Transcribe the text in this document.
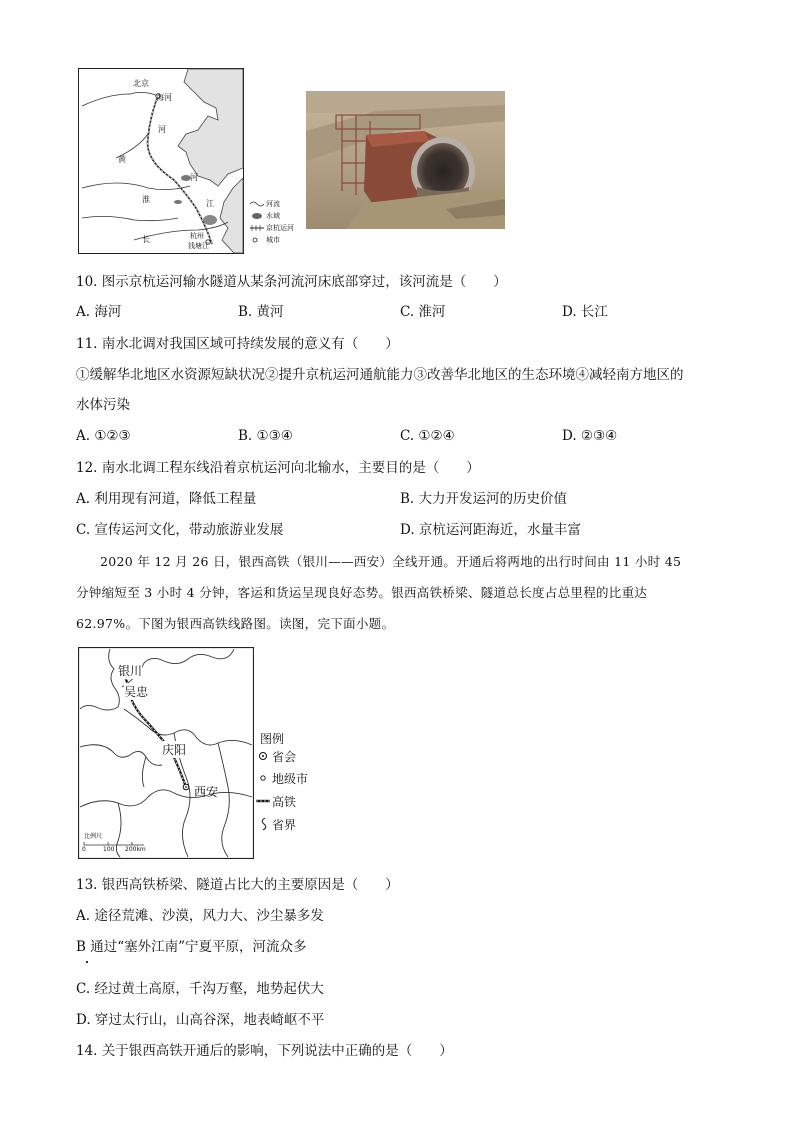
北京
海河
河
黄
河
淮	江
长	杭州
钱塘江
河流
水域
京杭运河
城市
10. 图示京杭运河输水隧道从某条河流河床底部穿过，该河流是（　　）
A. 海河	B. 黄河	C. 淮河	D. 长江
11. 南水北调对我国区域可持续发展的意义有（　　）
①缓解华北地区水资源短缺状况②提升京杭运河通航能力③改善华北地区的生态环境④减轻南方地区的
水体污染
A. ①②③	B. ①③④	C. ①②④	D. ②③④
12. 南水北调工程东线沿着京杭运河向北输水，主要目的是（　　）
A. 利用现有河道，降低工程量	B. 大力开发运河的历史价值
C. 宣传运河文化，带动旅游业发展	D. 京杭运河距海近，水量丰富
2020 年 12 月 26 日，银西高铁（银川——西安）全线开通。开通后将两地的出行时间由 11 小时 45
分钟缩短至 3 小时 4 分钟，客运和货运呈现良好态势。银西高铁桥梁、隧道总长度占总里程的比重达
62.97%。下图为银西高铁线路图。读图，完下面小题。
银川
吴忠
庆阳
西安
比例尺
0	100 200km
图例
省会
地级市
高铁
省界
13. 银西高铁桥梁、隧道占比大的主要原因是（　　）
A. 途径荒滩、沙漠，风力大、沙尘暴多发
B 通过“塞外江南”宁夏平原，河流众多
C. 经过黄土高原，千沟万壑，地势起伏大
D. 穿过太行山，山高谷深，地表崎岖不平
14. 关于银西高铁开通后的影响，下列说法中正确的是（　　）
